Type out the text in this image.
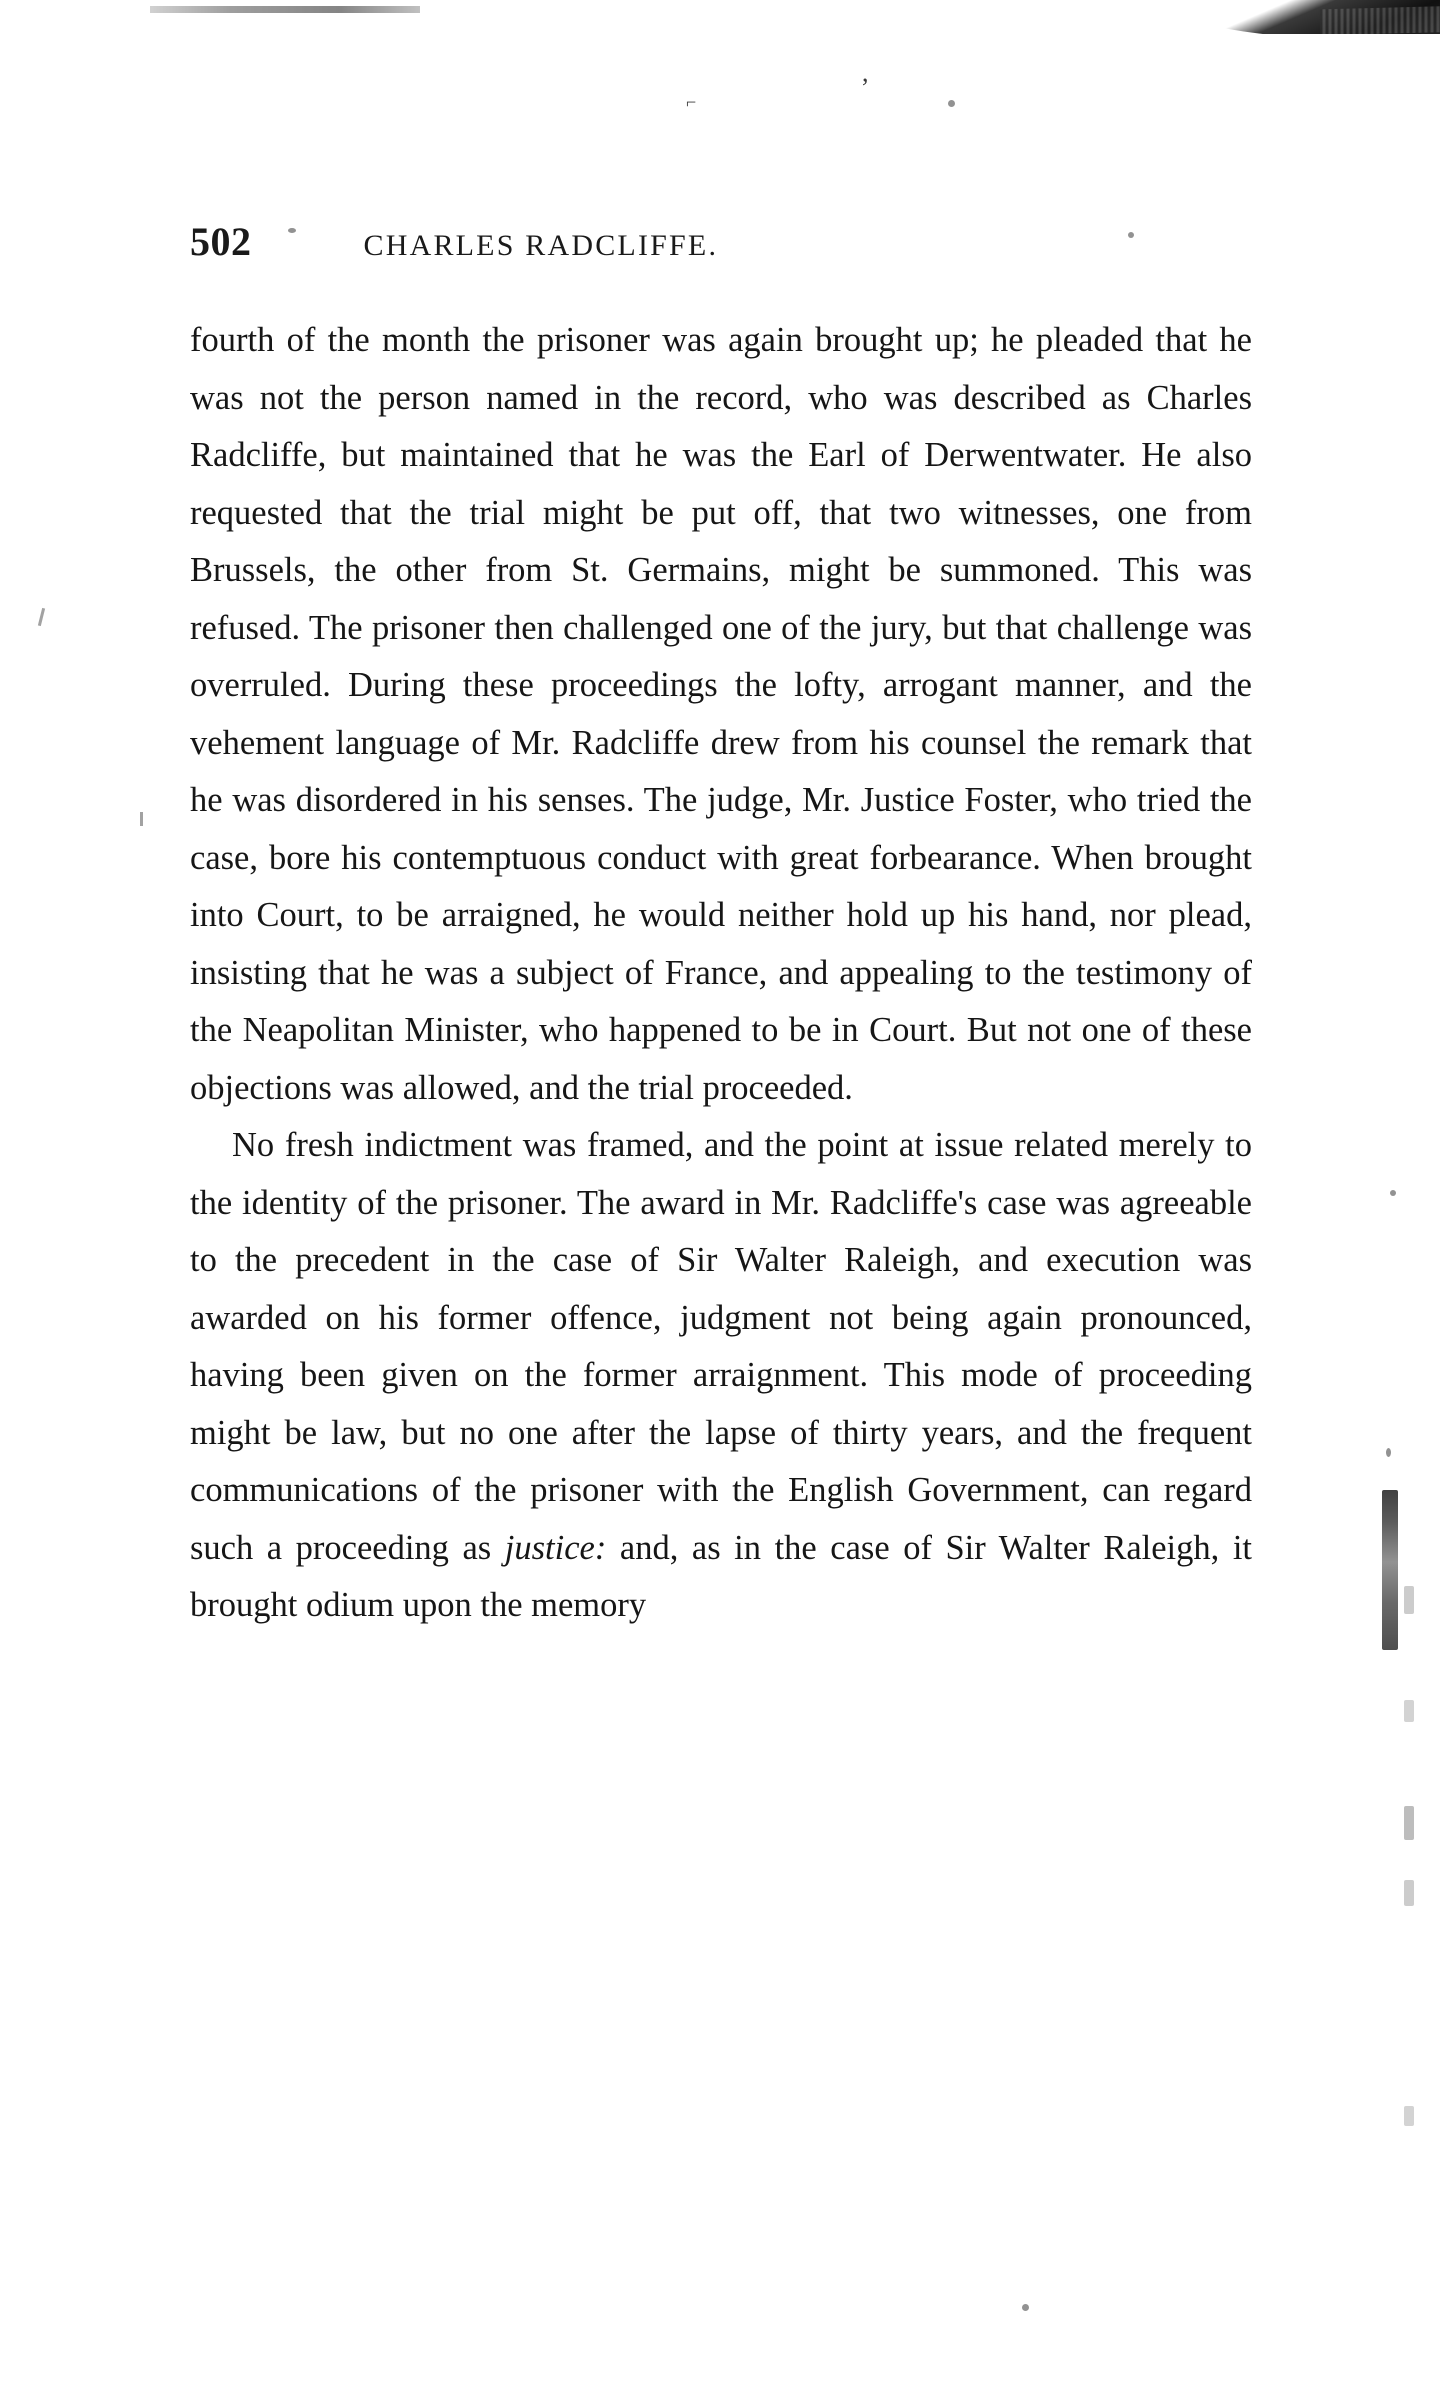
,
⌐
502	CHARLES RADCLIFFE.

fourth of the month the prisoner was again brought up; he pleaded that he was not the person named in the record, who was described as Charles Radcliffe, but maintained that he was the Earl of Derwentwater. He also requested that the trial might be put off, that two witnesses, one from Brussels, the other from St. Germains, might be summoned. This was refused. The prisoner then challenged one of the jury, but that challenge was overruled. During these proceedings the lofty, arrogant manner, and the vehement language of Mr. Radcliffe drew from his counsel the remark that he was disordered in his senses. The judge, Mr. Justice Foster, who tried the case, bore his contemptuous conduct with great forbearance. When brought into Court, to be arraigned, he would neither hold up his hand, nor plead, insisting that he was a subject of France, and appealing to the testimony of the Neapolitan Minister, who happened to be in Court. But not one of these objections was allowed, and the trial proceeded.

No fresh indictment was framed, and the point at issue related merely to the identity of the prisoner. The award in Mr. Radcliffe's case was agreeable to the precedent in the case of Sir Walter Raleigh, and execution was awarded on his former offence, judgment not being again pronounced, having been given on the former arraignment. This mode of proceeding might be law, but no one after the lapse of thirty years, and the frequent communications of the prisoner with the English Government, can regard such a proceeding as justice: and, as in the case of Sir Walter Raleigh, it brought odium upon the memory
